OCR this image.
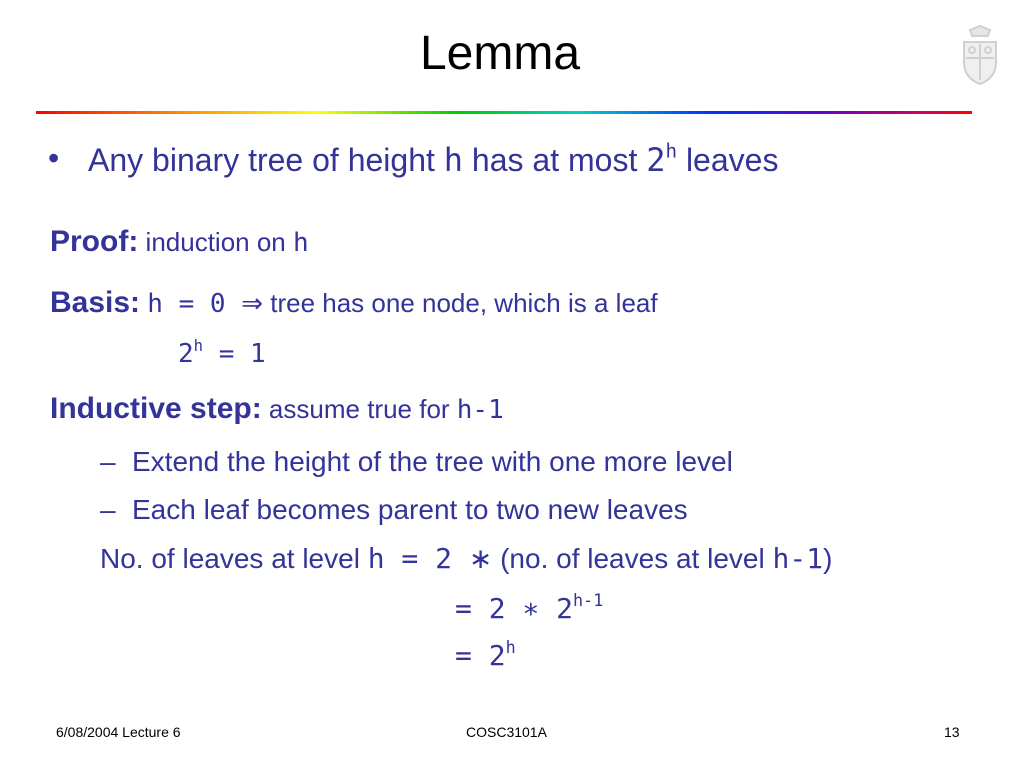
Lemma
• Any binary tree of height h has at most 2$^h$ leaves
Proof: induction on h
Basis: h = 0 ⇒ tree has one node, which is a leaf
$2^h = 1$
Inductive step: assume true for h-1
– Extend the height of the tree with one more level
– Each leaf becomes parent to two new leaves
No. of leaves at level h = 2 ∗ (no. of leaves at level h-1)
= 2 ∗ $2^{h-1}$
= $2^h$
6/08/2004 Lecture 6	COSC3101A	13
